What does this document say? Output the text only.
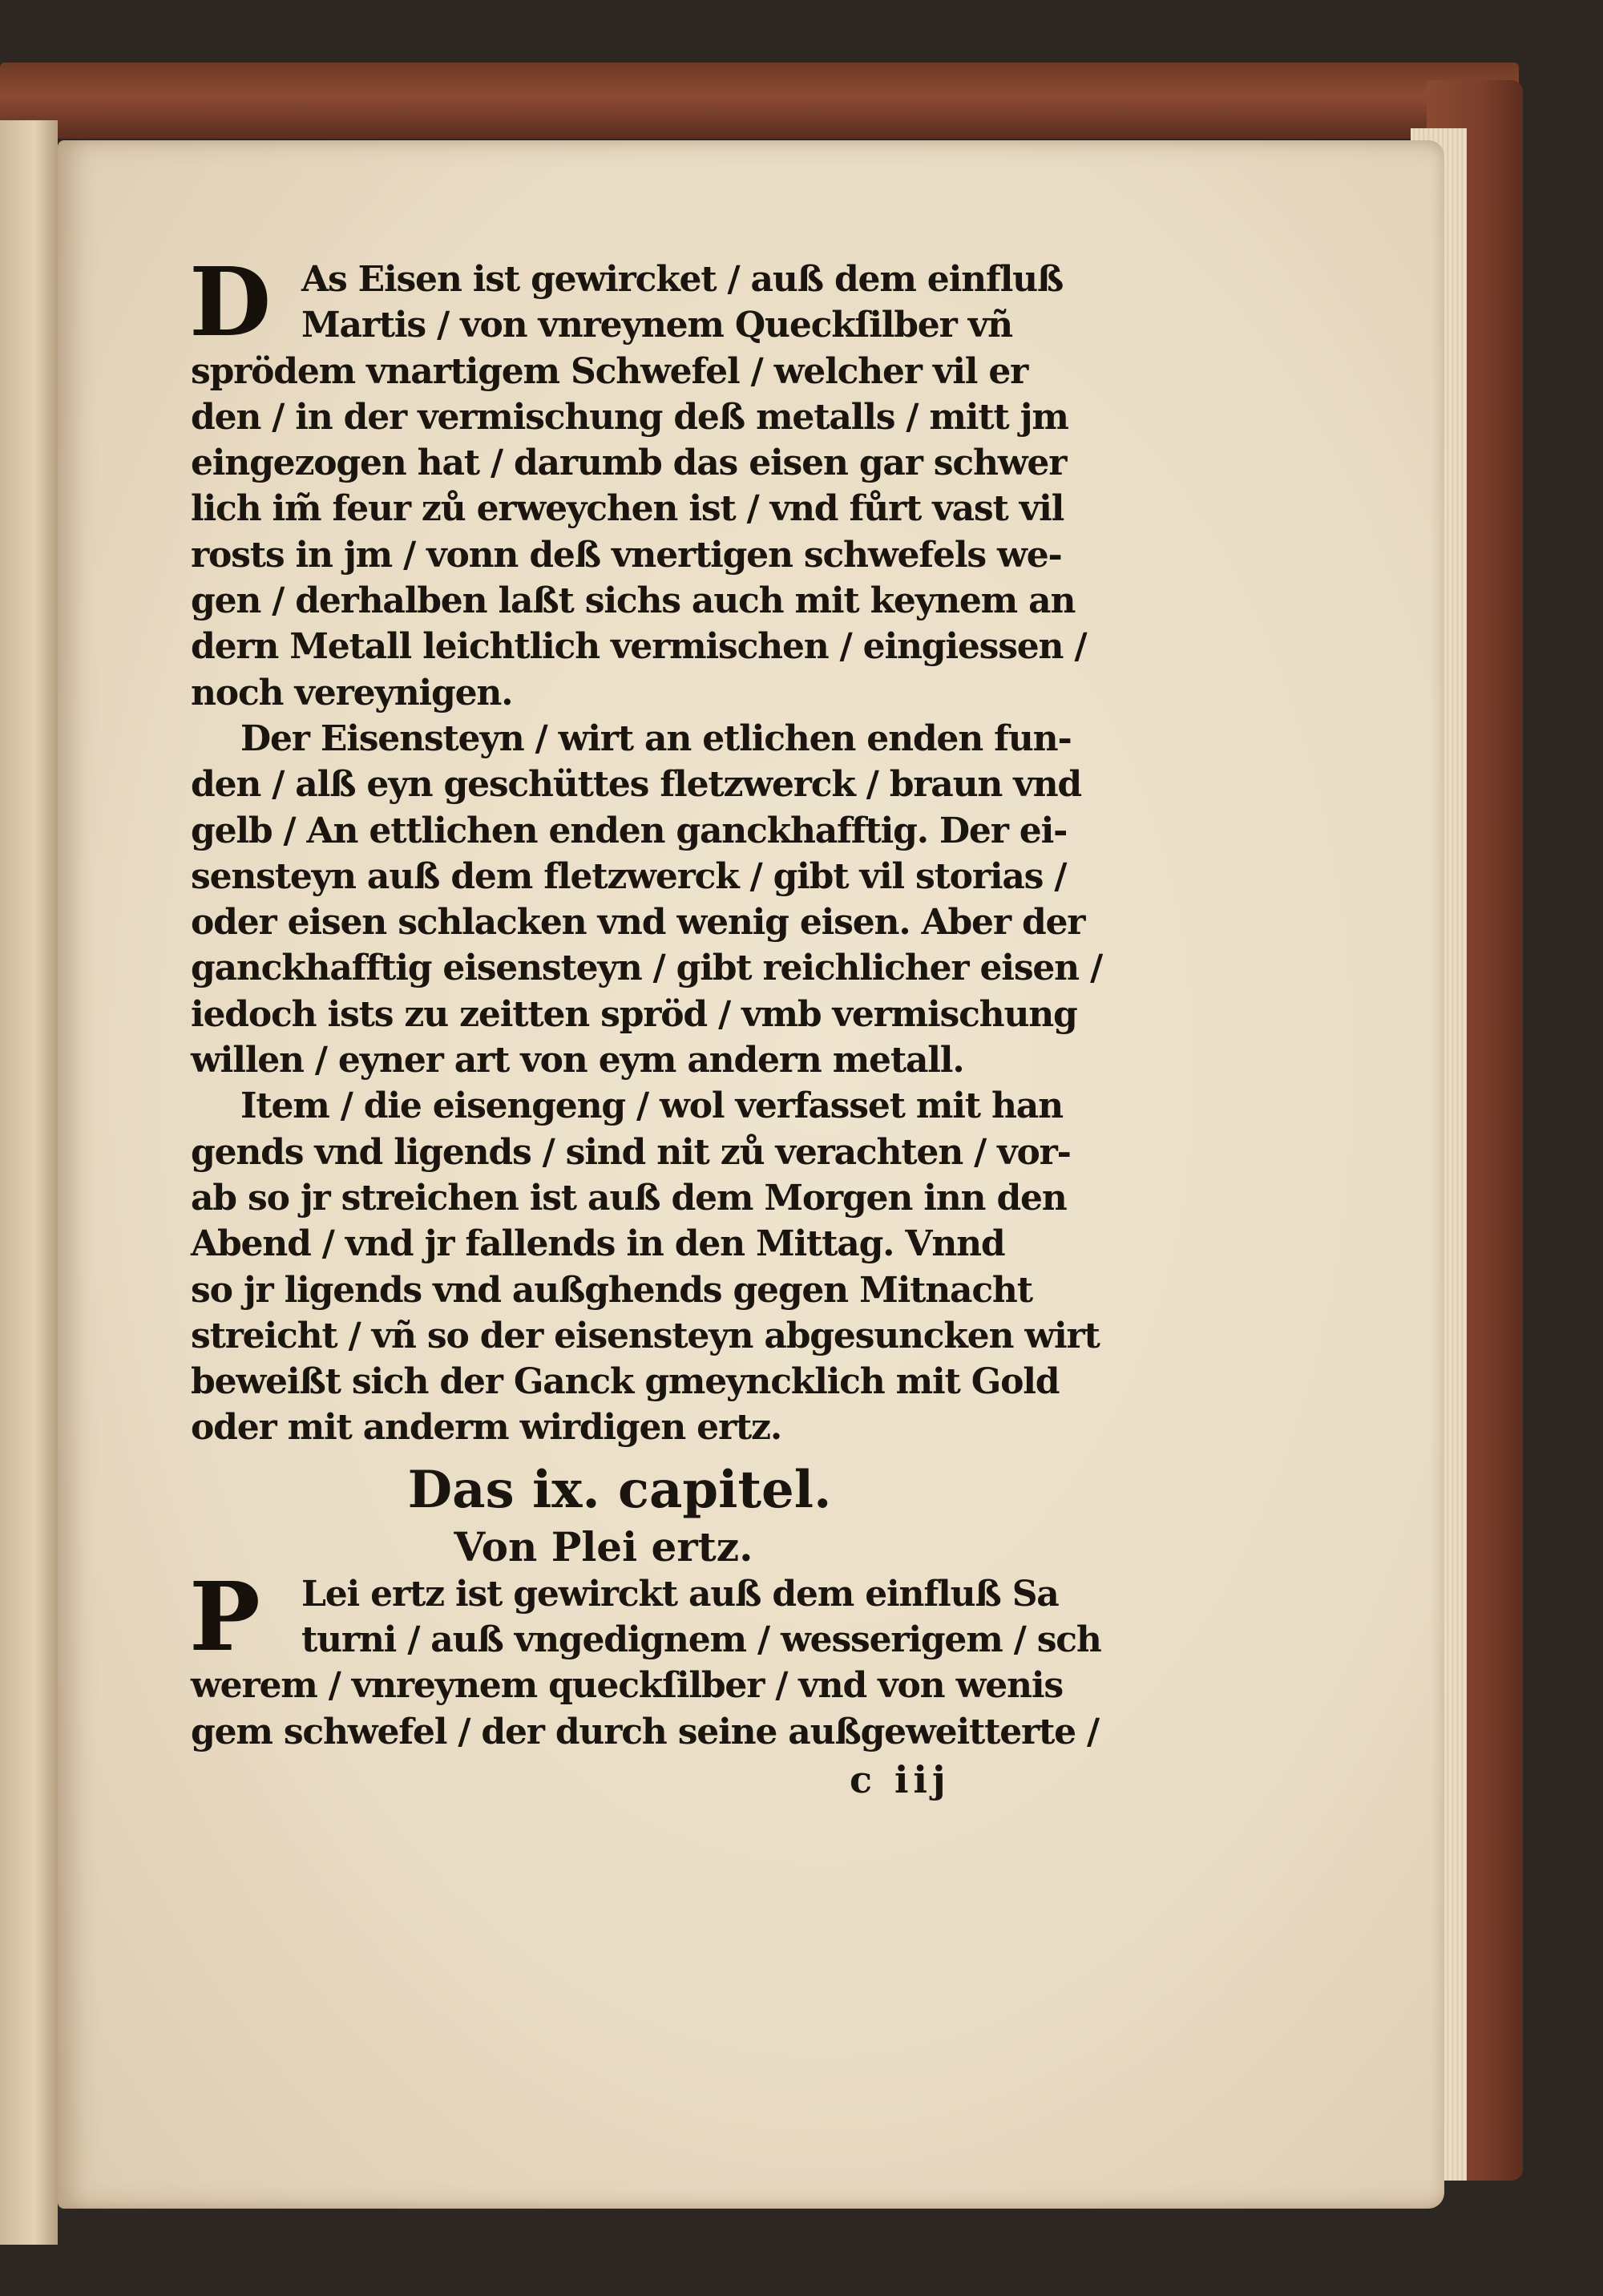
D As Eisen ist gewircket / auß dem einfluß
Martis / von vnreynem Queckſilber vñ
sprödem vnartigem Schwefel / welcher vil er
den / in der vermischung deß metalls / mitt jm
eingezogen hat / darumb das eisen gar schwer
lich im̃ feur zů erweychen ist / vnd fůrt vast vil
rosts in jm / vonn deß vnertigen schwefels we‑
gen / derhalben laßt sichs auch mit keynem an
dern Metall leichtlich vermischen / eingiessen /
noch vereynigen.
Der Eisensteyn / wirt an etlichen enden fun‑
den / alß eyn geschüttes fletzwerck / braun vnd
gelb / An ettlichen enden ganckhafftig. Der ei‑
sensteyn auß dem fletzwerck / gibt vil storias /
oder eisen schlacken vnd wenig eisen. Aber der
ganckhafftig eisensteyn / gibt reichlicher eisen /
iedoch ists zu zeitten spröd / vmb vermischung
willen / eyner art von eym andern metall.
Item / die eisengeng / wol verfasset mit han
gends vnd ligends / sind nit zů verachten / vor‑
ab so jr streichen ist auß dem Morgen inn den
Abend / vnd jr fallends in den Mittag. Vnnd
so jr ligends vnd außghends gegen Mitnacht
streicht / vñ so der eisensteyn abgesuncken wirt
beweißt sich der Ganck gmeyncklich mit Gold
oder mit anderm wirdigen ertz.
Das ix. capitel.
Von Plei ertz.
Lei ertz ist gewirckt auß dem einfluß Sa
turni / auß vngedignem / wesserigem / sch
werem / vnreynem queckſilber / vnd von wenis
gem schwefel / der durch seine außgeweitterte /
P
c iij
